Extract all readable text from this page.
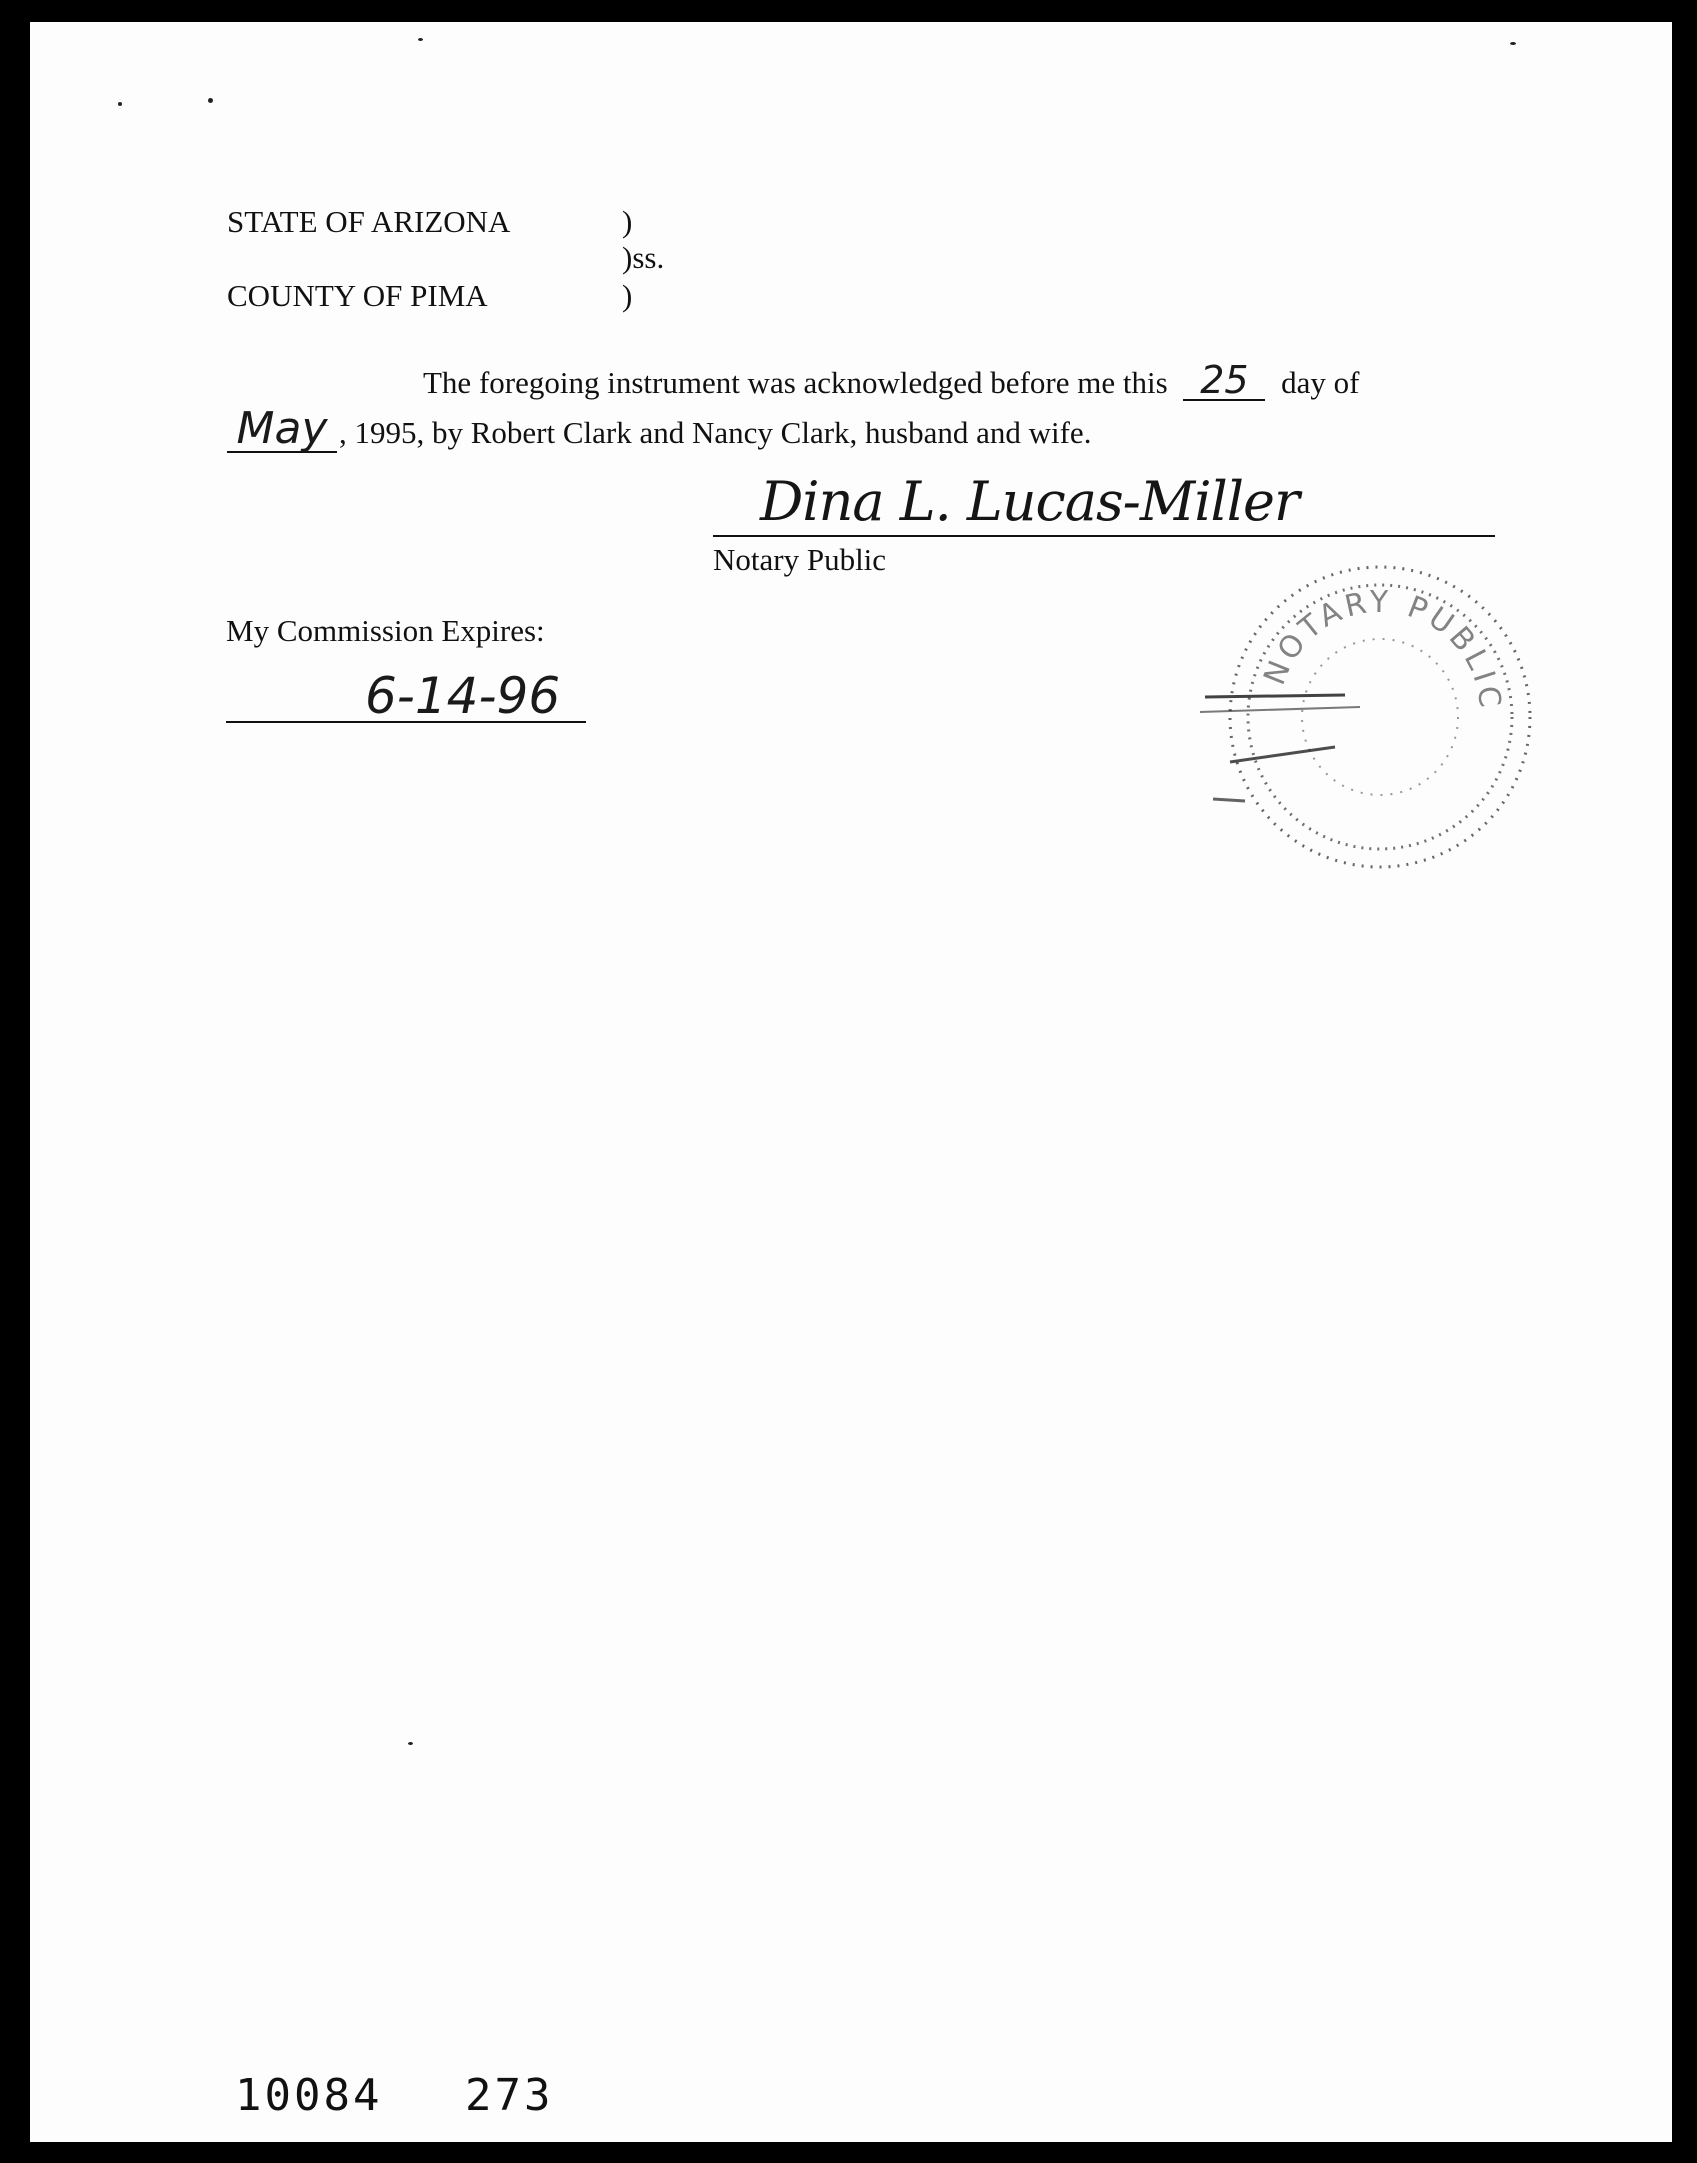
STATE OF ARIZONA
COUNTY OF PIMA
)
)ss.
)
The foregoing instrument was acknowledged before me this 25 day of
May , 1995, by Robert Clark and Nancy Clark, husband and wife.
Dina L. Lucas-Miller
Notary Public
My Commission Expires:
6-14-96	NOTARY PUBLIC
10084 273
